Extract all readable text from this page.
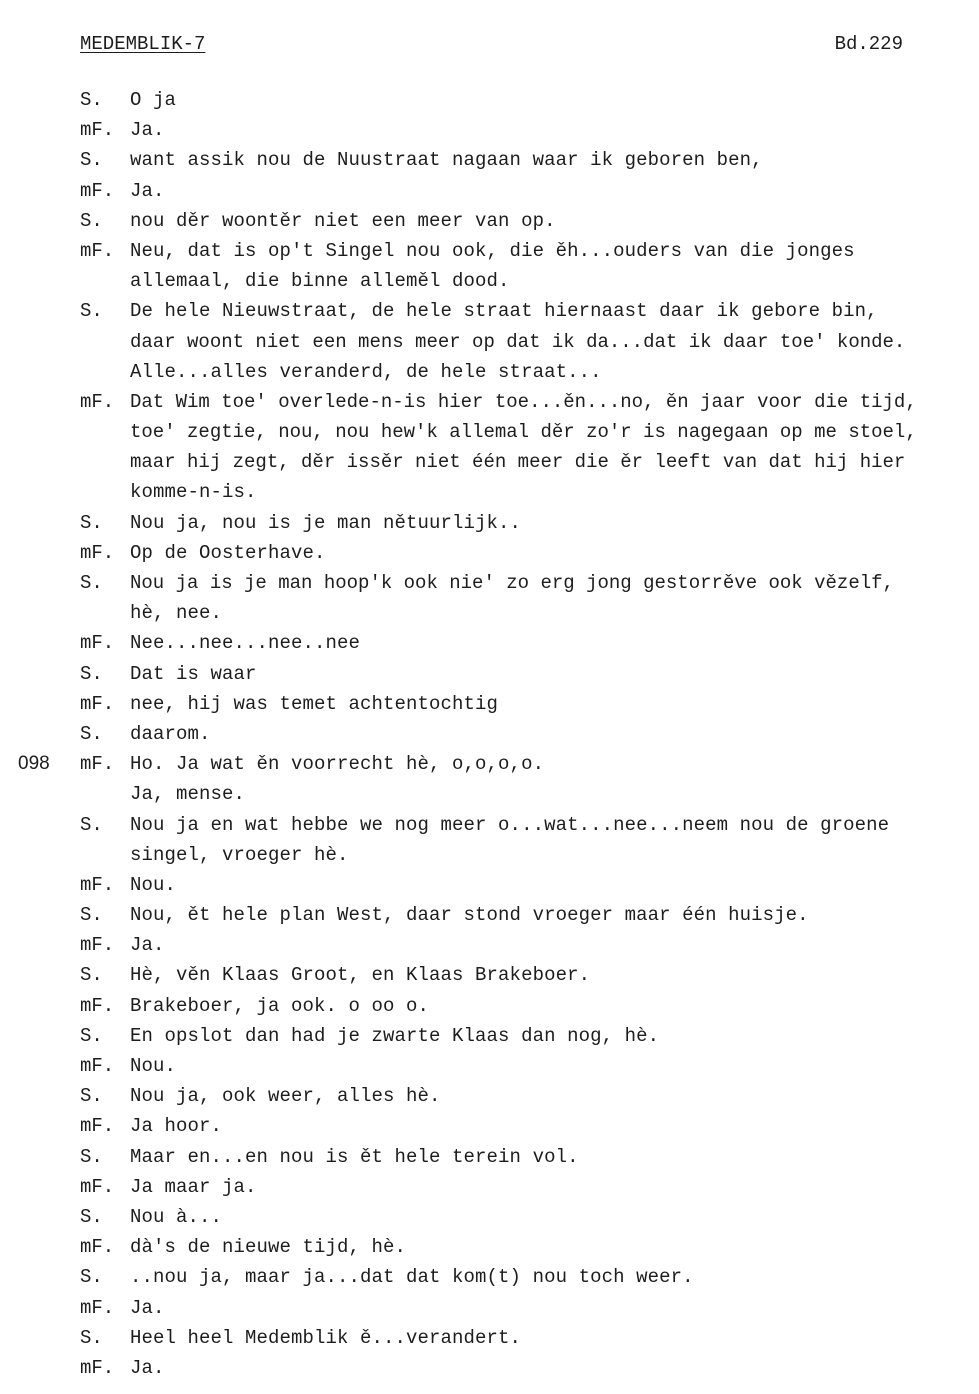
MEDEMBLIK-7	Bd.229
S. O ja
mF. Ja.
S. want assik nou de Nuustraat nagaan waar ik geboren ben,
mF. Ja.
S. nou děr woontěr niet een meer van op.
mF. Neu, dat is op't Singel nou ook, die ěh...ouders van die jonges
allemaal, die binne alleměl dood.
S. De hele Nieuwstraat, de hele straat hiernaast daar ik gebore bin,
daar woont niet een mens meer op dat ik da...dat ik daar toe' konde.
Alle...alles veranderd, de hele straat...
mF. Dat Wim toe' overlede-n-is hier toe...ěn...no, ěn jaar voor die tijd,
toe' zegtie, nou, nou hew'k allemal děr zo'r is nagegaan op me stoel,
maar hij zegt, děr issěr niet één meer die ěr leeft van dat hij hier
komme-n-is.
S. Nou ja, nou is je man nětuurlijk..
mF. Op de Oosterhave.
S. Nou ja is je man hoop'k ook nie' zo erg jong gestorrěve ook vězelf,
hè, nee.
mF. Nee...nee...nee..nee
S. Dat is waar
mF. nee, hij was temet achtentochtig
S. daarom.
098 mF. Ho. Ja wat ěn voorrecht hè, o,o,o,o.
Ja, mense.
S. Nou ja en wat hebbe we nog meer o...wat...nee...neem nou de groene
singel, vroeger hè.
mF. Nou.
S. Nou, ět hele plan West, daar stond vroeger maar één huisje.
mF. Ja.
S. Hè, věn Klaas Groot, en Klaas Brakeboer.
mF. Brakeboer, ja ook. o oo o.
S. En opslot dan had je zwarte Klaas dan nog, hè.
mF. Nou.
S. Nou ja, ook weer, alles hè.
mF. Ja hoor.
S. Maar en...en nou is ět hele terein vol.
mF. Ja maar ja.
S. Nou à...
mF. dà's de nieuwe tijd, hè.
S. ..nou ja, maar ja...dat dat kom(t) nou toch weer.
mF. Ja.
S. Heel heel Medemblik ě...verandert.
mF. Ja.
